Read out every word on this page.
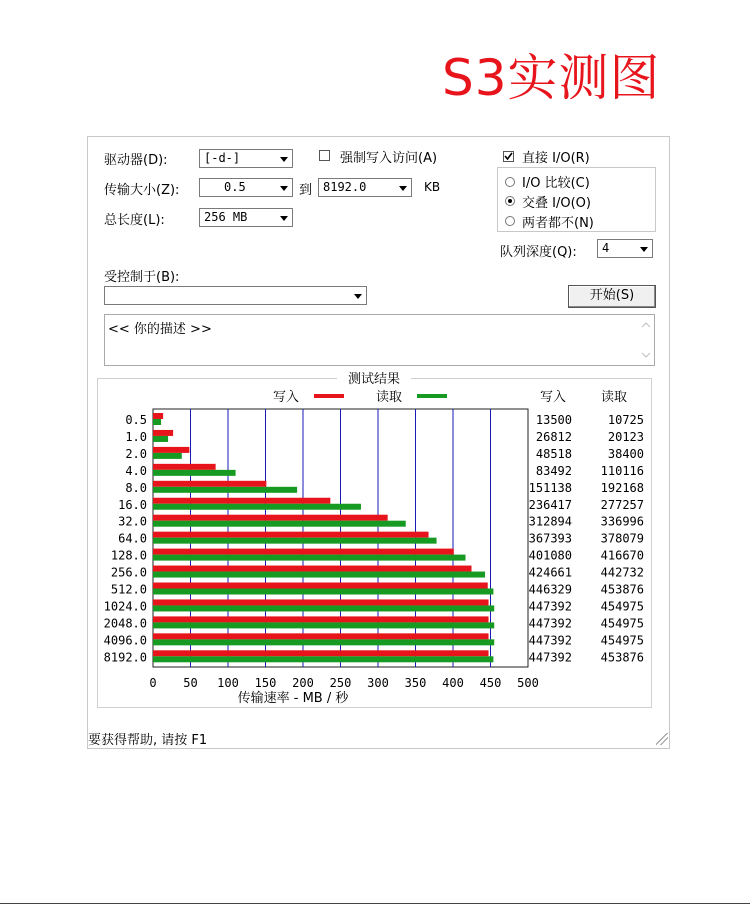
S3实测图
驱动器(D):	[-d-]	强制写入访问(A)	直接 I/O(R)
传输大小(Z):	0.5	到 8192.0	KB	I/O 比较(C)
交叠 I/O(O)
两者都不(N)
总长度(L):	256 MB
队列深度(Q): 4
受控制于(B):
开始(S)
<< 你的描述 >>
测试结果
写入	读取	写入	读取
0.5	13500	10725
1.0	26812	20123
2.0	48518	38400
4.0	83492 110116
8.0	151138 192168
16.0	236417 277257
32.0	312894 336996
64.0	367393 378079
128.0	401080 416670
256.0	424661 442732
512.0	446329 453876
1024.0	447392 454975
2048.0	447392 454975
4096.0	447392 454975
8192.0	447392 453876
0 50 100 150 200 250 300 350 400 450 500
传输速率 - MB / 秒
要获得帮助, 请按 F1
